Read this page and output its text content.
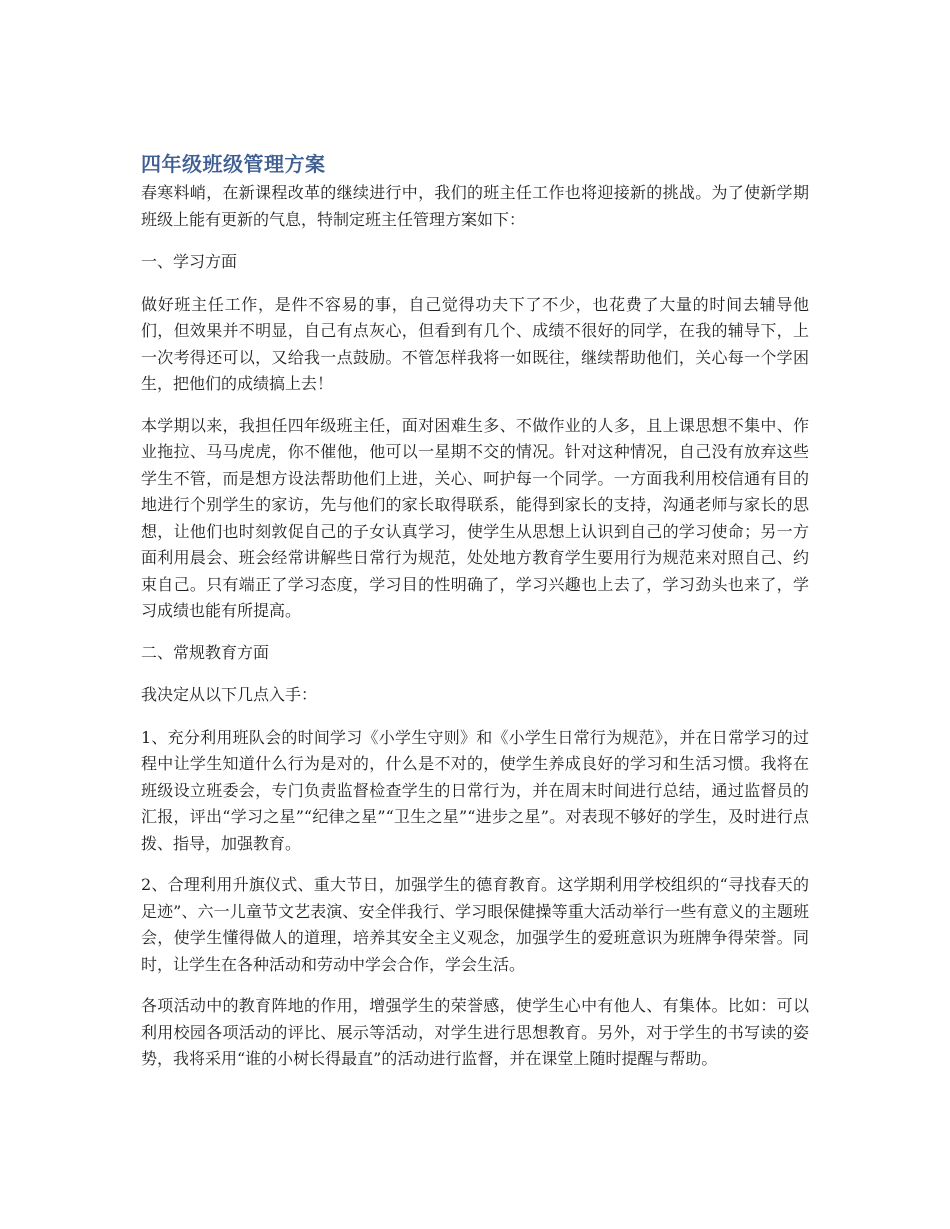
四年级班级管理方案

春寒料峭，在新课程改革的继续进行中，我们的班主任工作也将迎接新的挑战。为了使新学期班级上能有更新的气息，特制定班主任管理方案如下：

一、学习方面

做好班主任工作，是件不容易的事，自己觉得功夫下了不少，也花费了大量的时间去辅导他们，但效果并不明显，自己有点灰心，但看到有几个、成绩不很好的同学，在我的辅导下，上一次考得还可以，又给我一点鼓励。不管怎样我将一如既往，继续帮助他们，关心每一个学困生，把他们的成绩搞上去！

本学期以来，我担任四年级班主任，面对困难生多、不做作业的人多，且上课思想不集中、作业拖拉、马马虎虎，你不催他，他可以一星期不交的情况。针对这种情况，自己没有放弃这些学生不管，而是想方设法帮助他们上进，关心、呵护每一个同学。一方面我利用校信通有目的地进行个别学生的家访，先与他们的家长取得联系，能得到家长的支持，沟通老师与家长的思想，让他们也时刻敦促自己的子女认真学习，使学生从思想上认识到自己的学习使命；另一方面利用晨会、班会经常讲解些日常行为规范，处处地方教育学生要用行为规范来对照自己、约束自己。只有端正了学习态度，学习目的性明确了，学习兴趣也上去了，学习劲头也来了，学习成绩也能有所提高。

二、常规教育方面

我决定从以下几点入手：

1、充分利用班队会的时间学习《小学生守则》和《小学生日常行为规范》，并在日常学习的过程中让学生知道什么行为是对的，什么是不对的，使学生养成良好的学习和生活习惯。我将在班级设立班委会，专门负责监督检查学生的日常行为，并在周末时间进行总结，通过监督员的汇报，评出“学习之星”“纪律之星”“卫生之星”“进步之星”。对表现不够好的学生，及时进行点拨、指导，加强教育。

2、合理利用升旗仪式、重大节日，加强学生的德育教育。这学期利用学校组织的“寻找春天的足迹”、六一儿童节文艺表演、安全伴我行、学习眼保健操等重大活动举行一些有意义的主题班会，使学生懂得做人的道理，培养其安全主义观念，加强学生的爱班意识为班牌争得荣誉。同时，让学生在各种活动和劳动中学会合作，学会生活。

各项活动中的教育阵地的作用，增强学生的荣誉感，使学生心中有他人、有集体。比如：可以利用校园各项活动的评比、展示等活动，对学生进行思想教育。另外，对于学生的书写读的姿势，我将采用“谁的小树长得最直”的活动进行监督，并在课堂上随时提醒与帮助。
